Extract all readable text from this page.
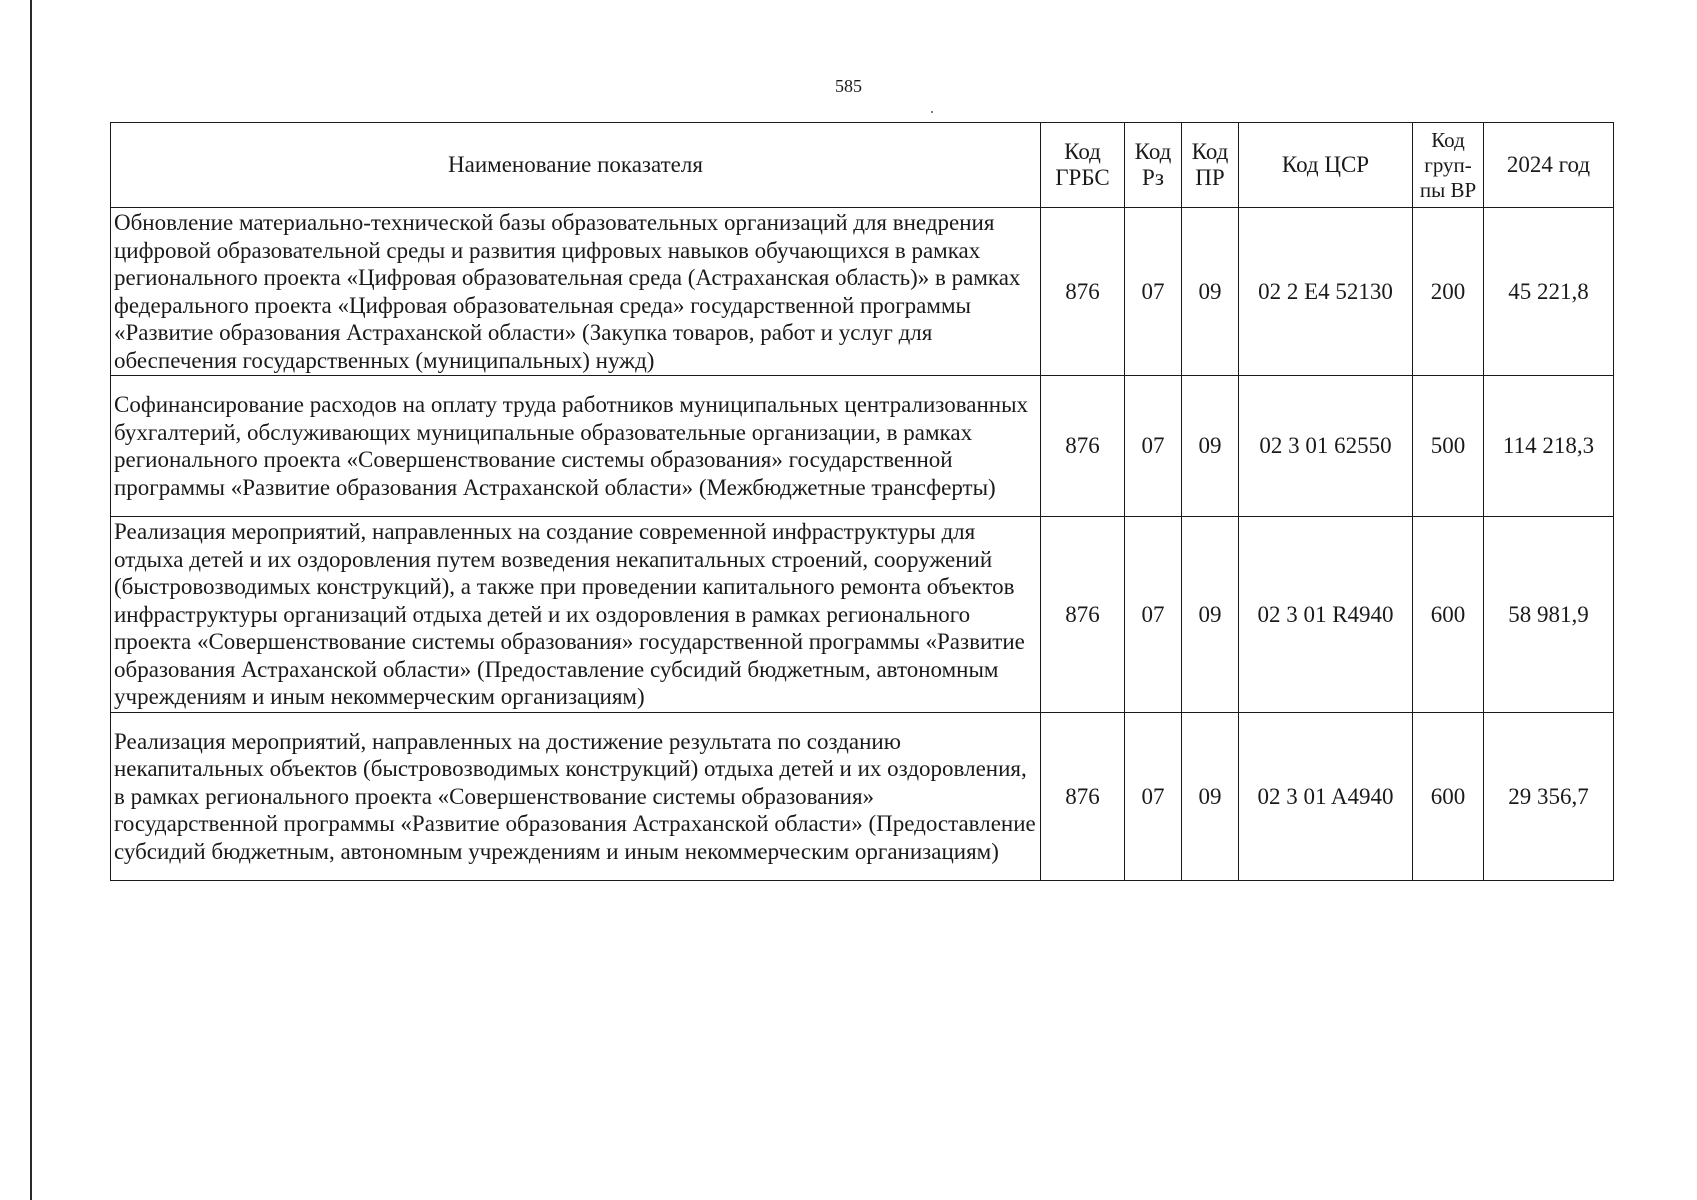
585
Наименование показателя	Код ГРБС	Код Рз	Код ПР	Код ЦСР	Код груп-пы ВР	2024 год
Обновление материально-технической базы образовательных организаций для внедрения цифровой образовательной среды и развития цифровых навыков обучающихся в рамках регионального проекта «Цифровая образовательная среда (Астраханская область)» в рамках федерального проекта «Цифровая образовательная среда» государственной программы «Развитие образования Астраханской области» (Закупка товаров, работ и услуг для обеспечения государственных (муниципальных) нужд)	876	07	09	02 2 E4 52130	200	45 221,8
Софинансирование расходов на оплату труда работников муниципальных централизованных бухгалтерий, обслуживающих муниципальные образовательные организации, в рамках регионального проекта «Совершенствование системы образования» государственной программы «Развитие образования Астраханской области» (Межбюджетные трансферты)	876	07	09	02 3 01 62550	500	114 218,3
Реализация мероприятий, направленных на создание современной инфраструктуры для отдыха детей и их оздоровления путем возведения некапитальных строений, сооружений (быстровозводимых конструкций), а также при проведении капитального ремонта объектов инфраструктуры организаций отдыха детей и их оздоровления в рамках регионального проекта «Совершенствование системы образования» государственной программы «Развитие образования Астраханской области» (Предоставление субсидий бюджетным, автономным учреждениям и иным некоммерческим организациям)	876	07	09	02 3 01 R4940	600	58 981,9
Реализация мероприятий, направленных на достижение результата по созданию некапитальных объектов (быстровозводимых конструкций) отдыха детей и их оздоровления, в рамках регионального проекта «Совершенствование системы образования» государственной программы «Развитие образования Астраханской области» (Предоставление субсидий бюджетным, автономным учреждениям и иным некоммерческим организациям)	876	07	09	02 3 01 A4940	600	29 356,7
